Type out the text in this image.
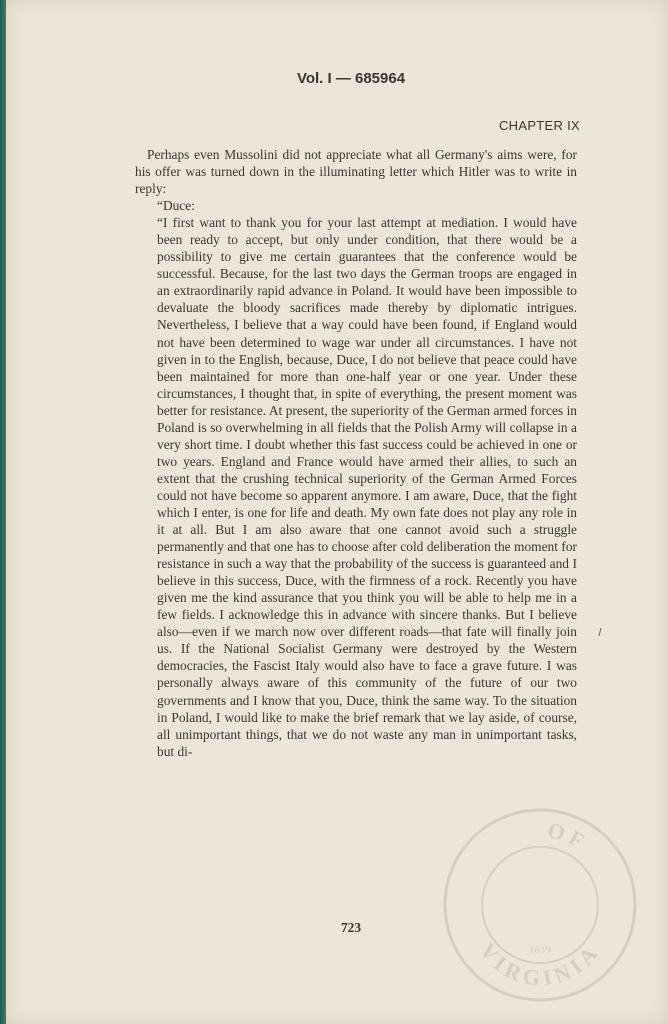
Vol. I — 685964
CHAPTER IX

Perhaps even Mussolini did not appreciate what all Germany's aims were, for his offer was turned down in the illuminating letter which Hitler was to write in reply:

“Duce:

“I first want to thank you for your last attempt at mediation. I would have been ready to accept, but only under condition, that there would be a possibility to give me certain guarantees that the conference would be successful. Because, for the last two days the German troops are engaged in an extraordinarily rapid advance in Poland. It would have been impossible to devaluate the bloody sacrifices made thereby by diplomatic intrigues. Nevertheless, I believe that a way could have been found, if England would not have been determined to wage war under all circumstances. I have not given in to the English, because, Duce, I do not believe that peace could have been maintained for more than one-half year or one year. Under these circumstances, I thought that, in spite of everything, the present moment was better for resistance. At present, the superiority of the German armed forces in Poland is so overwhelming in all fields that the Polish Army will collapse in a very short time. I doubt whether this fast success could be achieved in one or two years. England and France would have armed their allies, to such an extent that the crushing technical superiority of the German Armed Forces could not have become so apparent anymore. I am aware, Duce, that the fight which I enter, is one for life and death. My own fate does not play any role in it at all. But I am also aware that one cannot avoid such a struggle permanently and that one has to choose after cold deliberation the moment for resistance in such a way that the probability of the success is guaranteed and I believe in this success, Duce, with the firmness of a rock. Recently you have given me the kind assurance that you think you will be able to help me in a few fields. I acknowledge this in advance with sincere thanks. But I believe also—even if we march now over different roads—that fate will finally join us. If the National Socialist Germany were destroyed by the Western democracies, the Fascist Italy would also have to face a grave future. I was personally always aware of this community of the future of our two governments and I know that you, Duce, think the same way. To the situation in Poland, I would like to make the brief remark that we lay aside, of course, all unimportant things, that we do not waste any man in unimportant tasks, but di-

723
OF
VIRGINIA
1819
